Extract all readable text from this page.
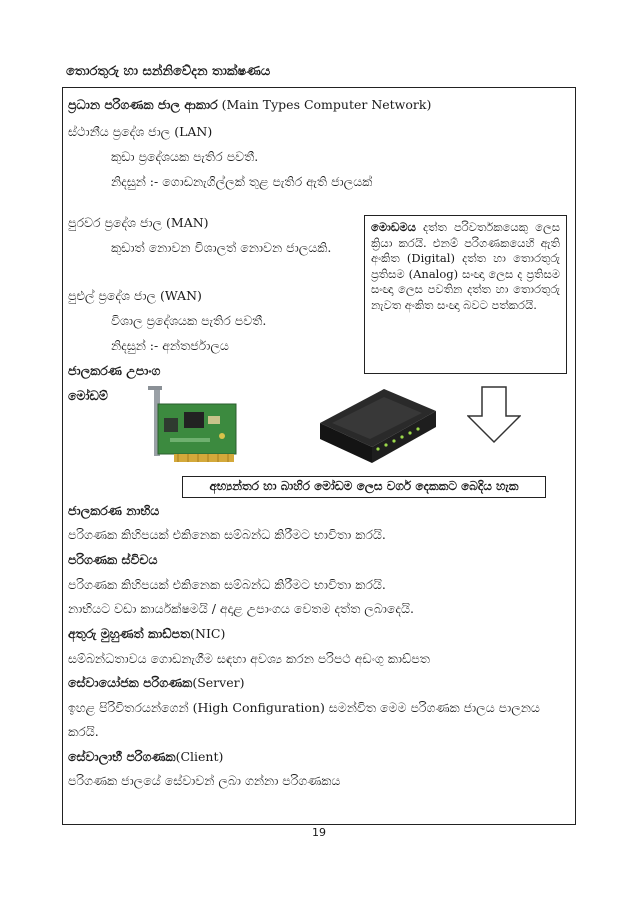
තොරතුරු හා සන්නිවේදන තාක්ෂණය
ප්‍රධාන පරිගණක ජාල ආකාර (Main Types Computer Network)
ස්ථානීය ප්‍රදේශ ජාල (LAN)
කුඩා ප්‍රදේශයක පැතිර පවතී.
නිදසුන් :- ගොඩනැගිල්ලක් තුළ පැතිර ඇති ජාලයක්
පුරවර ප්‍රදේශ ජාල (MAN)
කුඩාත් නොවන විශාලත් නොවන ජාලයකි.
පුළුල් ප්‍රදේශ ජාල (WAN)
විශාල ප්‍රදේශයක පැතිර පවතී.
නිදසුන් :- අන්තර්ජාලය
මොඩමය දත්ත පරිවර්තකයෙකු ලෙස ක්‍රියා කරයි. එනම් පරිගණකයෙහි ඇති අංකිත (Digital) දත්ත හා තොරතුරු ප්‍රතිසම (Analog) සංඥා ලෙස ද ප්‍රතිසම සංඥා ලෙස පවතින දත්ත හා තොරතුරු නැවත අංකිත සංඥා බවට පත්කරයි.
ජාලකරණ උපාංග
මෝඩම්
අභ්‍යන්තර හා බාහිර මෝඩම ලෙස වර්ග දෙකකට බෙදිය හැක
ජාලකරණ නාභිය
පරිගණක කිහිපයක් එකිනෙක සම්බන්ධ කිරීමට භාවිතා කරයි.
පරිගණක ස්විචය
පරිගණක කිහිපයක් එකිනෙක සම්බන්ධ කිරීමට භාවිතා කරයි.
නාභියට වඩා කාර්යක්ෂමයි / අදාළ උපාංගය වෙතම දත්ත ලබාදෙයි.
අතුරු මුහුණත් කාඩ්පත(NIC)
සම්බන්ධතාවය ගොඩනැගීම සඳහා අවශ්‍ය කරන පරිපථ අඩංගු කාඩ්පත
සේවායෝජක පරිගණක(Server)
ඉහළ පිරිවිතරයන්ගෙන් (High Configuration) සමන්විත මෙම පරිගණක ජාලය පාලනය
කරයි.
සේවාලාභී පරිගණක(Client)
පරිගණක ජාලයේ සේවාවන් ලබා ගන්නා පරිගණකය
19
